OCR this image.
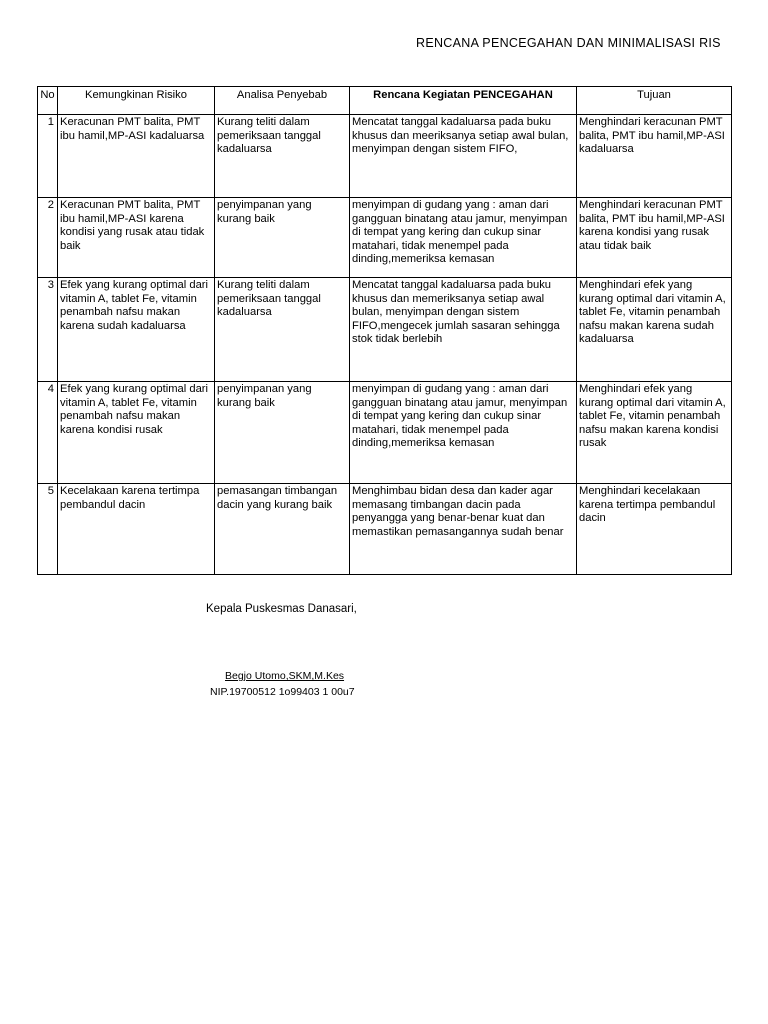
RENCANA PENCEGAHAN DAN MINIMALISASI RIS
No	Kemungkinan Risiko	Analisa Penyebab	Rencana Kegiatan PENCEGAHAN	Tujuan
1	Keracunan PMT balita, PMT ibu hamil,MP-ASI kadaluarsa	Kurang teliti dalam pemeriksaan tanggal kadaluarsa	Mencatat tanggal kadaluarsa pada buku khusus dan meeriksanya setiap awal bulan, menyimpan dengan sistem FIFO,	Menghindari keracunan PMT balita, PMT ibu hamil,MP-ASI kadaluarsa
2	Keracunan PMT balita, PMT ibu hamil,MP-ASI karena kondisi yang rusak atau tidak baik	penyimpanan yang kurang baik	menyimpan di gudang yang : aman dari gangguan binatang atau jamur, menyimpan di tempat yang kering dan cukup sinar matahari, tidak menempel pada dinding,memeriksa kemasan	Menghindari keracunan PMT balita, PMT ibu hamil,MP-ASI karena kondisi yang rusak atau tidak baik
3	Efek yang kurang optimal dari vitamin A, tablet Fe, vitamin penambah nafsu makan karena sudah kadaluarsa	Kurang teliti dalam pemeriksaan tanggal kadaluarsa	Mencatat tanggal kadaluarsa pada buku khusus dan memeriksanya setiap awal bulan, menyimpan dengan sistem FIFO,mengecek jumlah sasaran sehingga stok tidak berlebih	Menghindari efek yang kurang optimal dari vitamin A, tablet Fe, vitamin penambah nafsu makan karena sudah kadaluarsa
4	Efek yang kurang optimal dari vitamin A, tablet Fe, vitamin penambah nafsu makan karena kondisi rusak	penyimpanan yang kurang baik	menyimpan di gudang yang : aman dari gangguan binatang atau jamur, menyimpan di tempat yang kering dan cukup sinar matahari, tidak menempel pada dinding,memeriksa kemasan	Menghindari efek yang kurang optimal dari vitamin A, tablet Fe, vitamin penambah nafsu makan karena kondisi rusak
5	Kecelakaan karena tertimpa pembandul dacin	pemasangan timbangan dacin yang kurang baik	Menghimbau bidan desa dan kader agar memasang timbangan dacin pada penyangga yang benar-benar kuat dan memastikan pemasangannya sudah benar	Menghindari kecelakaan karena tertimpa pembandul dacin
Kepala Puskesmas Danasari,
Begjo Utomo,SKM,M.Kes
NIP.19700512 1o99403 1 00u7
